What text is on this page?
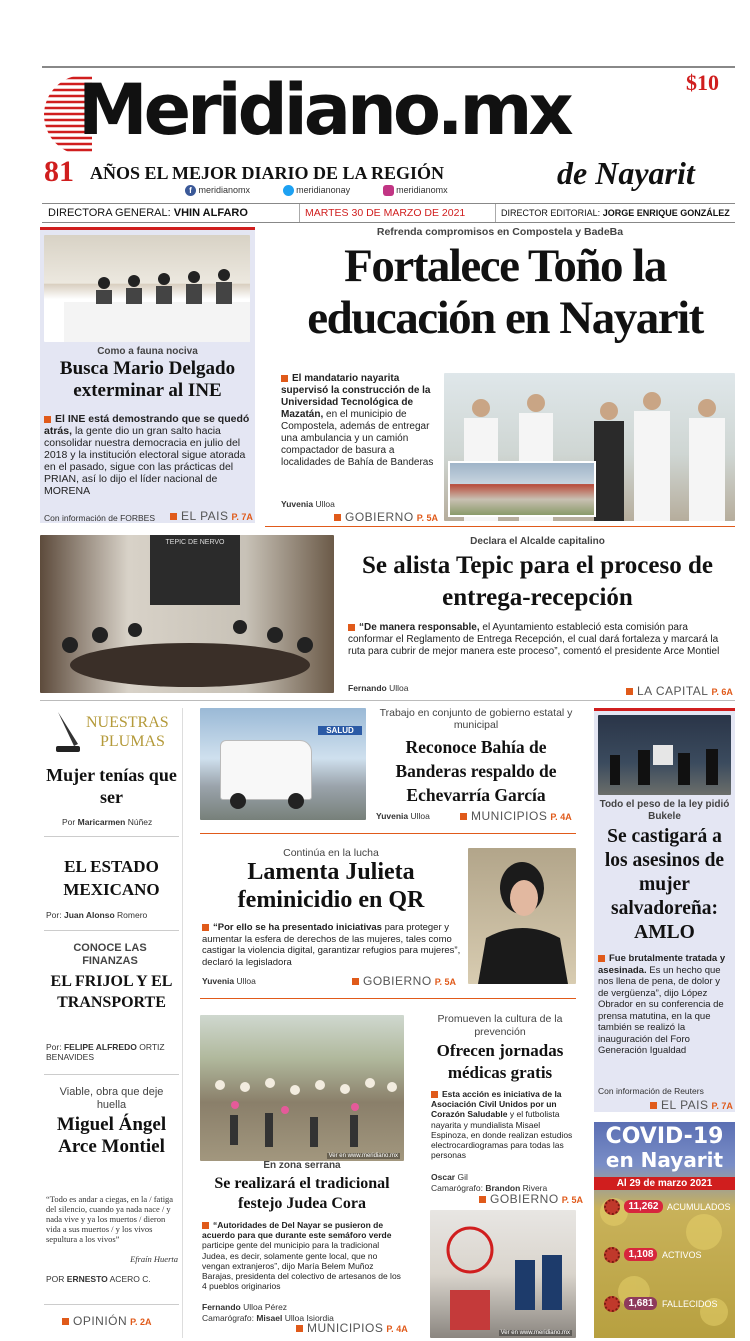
$10
Meridiano.mx
81 AÑOS EL MEJOR DIARIO DE LA REGIÓN	de Nayarit
f meridianomx	meridianonay	meridianomx
DIRECTORA GENERAL: VHIN ALFARO	MARTES 30 DE MARZO DE 2021	DIRECTOR EDITORIAL: JORGE ENRIQUE GONZÁLEZ
Como a fauna nociva
Busca Mario Delgado exterminar al INE
El INE está demostrando que se quedó atrás, la gente dio un gran salto hacia consolidar nuestra democracia en julio del 2018 y la institución electoral sigue atorada en el pasado, sigue con las prácticas del PRIAN, así lo dijo el líder nacional de MORENA
Con información de FORBES	EL PAIS P. 7A
Refrenda compromisos en Compostela y BadeBa
Fortalece Toño la educación en Nayarit
El mandatario nayarita supervisó la construcción de la Universidad Tecnológica de Mazatán, en el municipio de Compostela, además de entregar una ambulancia y un camión compactador de basura a localidades de Bahía de Banderas
Yuvenia Ulloa
GOBIERNO P. 5A
TEPIC DE NERVO	Declara el Alcalde capitalino
Se alista Tepic para el proceso de entrega-recepción
“De manera responsable, el Ayuntamiento estableció esta comisión para conformar el Reglamento de Entrega Recepción, el cual dará fortaleza y marcará la ruta para cubrir de mejor manera este proceso”, comentó el presidente Arce Montiel
Fernando Ulloa	LA CAPITAL P. 6A
NUESTRAS
PLUMAS
Mujer tenías que ser
Por Maricarmen Núñez
EL ESTADO MEXICANO
Por: Juan Alonso Romero
CONOCE LAS FINANZAS
EL FRIJOL Y EL TRANSPORTE
Por: FELIPE ALFREDO ORTIZ BENAVIDES
Viable, obra que deje huella
Miguel Ángel Arce Montiel
“Todo es andar a ciegas, en la / fatiga del silencio, cuando ya nada nace / y nada vive y ya los muertos / dieron vida a sus muertos / y los vivos sepultura a los vivos”
Efraín Huerta
POR ERNESTO ACERO C.
OPINIÓN P. 2A
SALUD
Trabajo en conjunto de gobierno estatal y municipal
Reconoce Bahía de Banderas respaldo de Echevarría García
Yuvenia Ulloa	MUNICIPIOS P. 4A
Todo el peso de la ley pidió Bukele
Se castigará a los asesinos de mujer salvadoreña: AMLO
Fue brutalmente tratada y asesinada. Es un hecho que nos llena de pena, de dolor y de vergüenza”, dijo López Obrador en su conferencia de prensa matutina, en la que también se realizó la inauguración del Foro Generación Igualdad
Con información de Reuters
EL PAIS P. 7A
Continúa en la lucha
Lamenta Julieta feminicidio en QR
“Por ello se ha presentado iniciativas para proteger y aumentar la esfera de derechos de las mujeres, tales como castigar la violencia digital, garantizar refugios para mujeres”, declaró la legisladora
Yuvenia Ulloa	GOBIERNO P. 5A
Ver en www.meridiano.mx
En zona serrana
Se realizará el tradicional festejo Judea Cora
“Autoridades de Del Nayar se pusieron de acuerdo para que durante este semáforo verde participe gente del municipio para la tradicional Judea, es decir, solamente gente local, que no vengan extranjeros”, dijo María Belem Muñoz Barajas, presidenta del colectivo de artesanos de los 4 pueblos originarios
Fernando Ulloa Pérez
Camarógrafo: Misael Ulloa Isiordia
MUNICIPIOS P. 4A
Promueven la cultura de la prevención
Ofrecen jornadas médicas gratis
Esta acción es iniciativa de la Asociación Civil Unidos por un Corazón Saludable y el futbolista nayarita y mundialista Misael Espinoza, en donde realizan estudios electrocardiogramas para todas las personas
Oscar Gil
Camarógrafo: Brandon Rivera
GOBIERNO P. 5A
Ver en www.meridiano.mx
COVID-19
en Nayarit
Al 29 de marzo 2021
11,262 ACUMULADOS
1,108 ACTIVOS
1,681 FALLECIDOS
